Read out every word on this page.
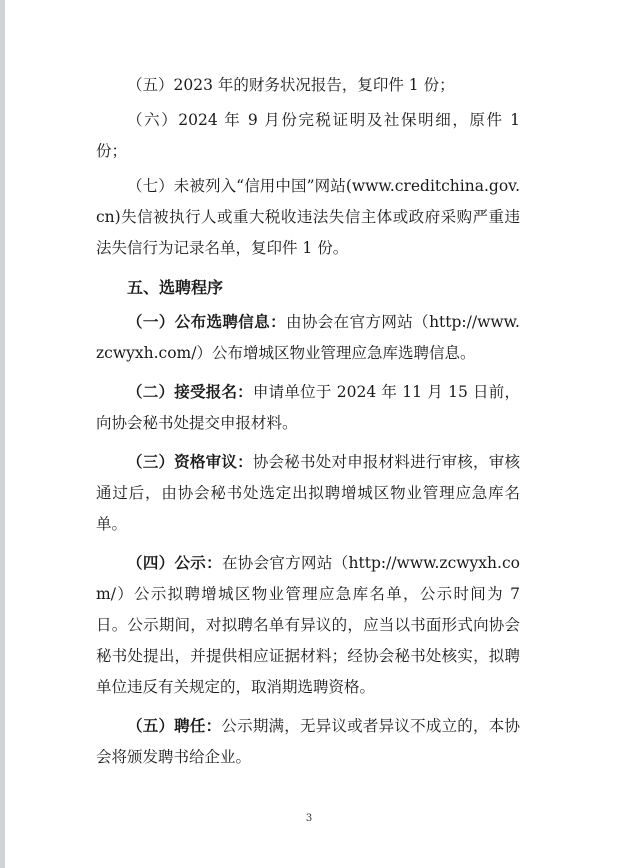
（五）2023 年的财务状况报告，复印件 1 份；

（六）2024 年 9 月份完税证明及社保明细，原件 1 份；

（七）未被列入“信用中国”网站(www.creditchina.gov.cn)失信被执行人或重大税收违法失信主体或政府采购严重违法失信行为记录名单，复印件 1 份。

五、选聘程序

（一）公布选聘信息：由协会在官方网站（http://www.zcwyxh.com/）公布增城区物业管理应急库选聘信息。

（二）接受报名：申请单位于 2024 年 11 月 15 日前，向协会秘书处提交申报材料。

（三）资格审议：协会秘书处对申报材料进行审核，审核通过后，由协会秘书处选定出拟聘增城区物业管理应急库名单。

（四）公示：在协会官方网站（http://www.zcwyxh.com/）公示拟聘增城区物业管理应急库名单，公示时间为 7 日。公示期间，对拟聘名单有异议的，应当以书面形式向协会秘书处提出，并提供相应证据材料；经协会秘书处核实，拟聘单位违反有关规定的，取消期选聘资格。

（五）聘任：公示期满，无异议或者异议不成立的，本协会将颁发聘书给企业。

3
